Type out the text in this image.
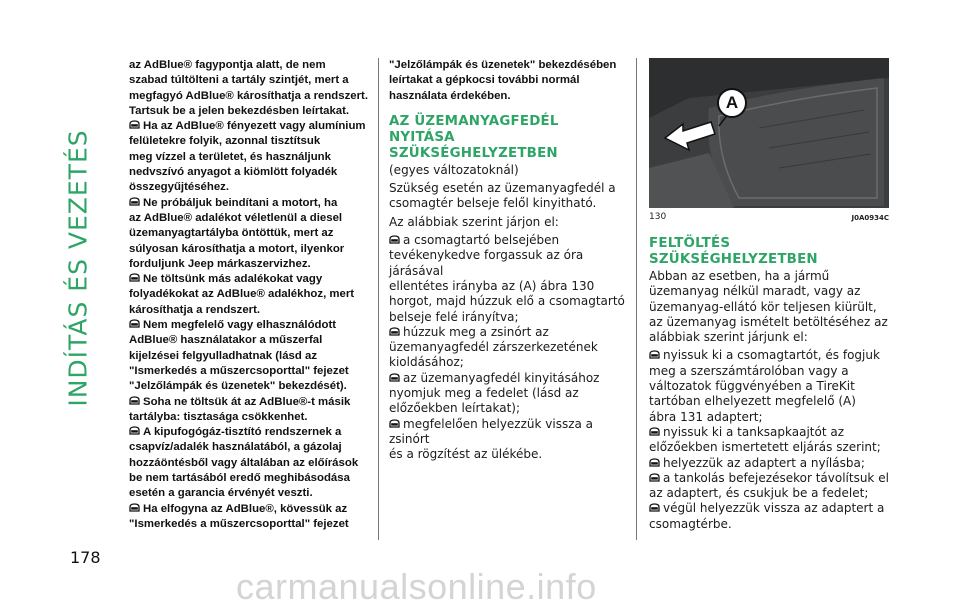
INDÍTÁS ÉS VEZETÉS
178

az AdBlue® fagypontja alatt, de nem

szabad túltölteni a tartály szintjét, mert a

megfagyó AdBlue® károsíthatja a rendszert.

Tartsuk be a jelen bekezdésben leírtakat.

Ha az AdBlue® fényezett vagy alumínium

felületekre folyik, azonnal tisztítsuk

meg vízzel a területet, és használjunk

nedvszívó anyagot a kiömlött folyadék

összegyűjtéséhez.

Ne próbáljuk beindítani a motort, ha

az AdBlue® adalékot véletlenül a diesel

üzemanyagtartályba öntöttük, mert az

súlyosan károsíthatja a motort, ilyenkor

forduljunk Jeep márkaszervizhez.

Ne töltsünk más adalékokat vagy

folyadékokat az AdBlue® adalékhoz, mert

károsíthatja a rendszert.

Nem megfelelő vagy elhasználódott

AdBlue® használatakor a műszerfal

kijelzései felgyulladhatnak (lásd az

"Ismerkedés a műszercsoporttal" fejezet

"Jelzőlámpák és üzenetek" bekezdését).

Soha ne töltsük át az AdBlue®-t másik

tartályba: tisztasága csökkenhet.

A kipufogógáz-tisztító rendszernek a

csapvíz/adalék használatából, a gázolaj

hozzáöntésből vagy általában az előírások

be nem tartásából eredő meghibásodása

esetén a garancia érvényét veszti.

Ha elfogyna az AdBlue®, kövessük az

"Ismerkedés a műszercsoporttal" fejezet

"Jelzőlámpák és üzenetek" bekezdésében

leírtakat a gépkocsi további normál

használata érdekében.

AZ ÜZEMANYAGFEDÉL NYITÁSA
SZÜKSÉGHELYZETBEN

(egyes változatoknál)

Szükség esetén az üzemanyagfedél a

csomagtér belseje felől kinyitható.

Az alábbiak szerint járjon el:

a csomagtartó belsejében

tevékenykedve forgassuk az óra járásával

ellentétes irányba az (A) ábra 130

horgot, majd húzzuk elő a csomagtartó

belseje felé irányítva;

húzzuk meg a zsinórt az

üzemanyagfedél zárszerkezetének

kioldásához;

az üzemanyagfedél kinyitásához

nyomjuk meg a fedelet (lásd az

előzőekben leírtakat);

megfelelően helyezzük vissza a zsinórt

és a rögzítést az ülékébe.

A
130	J0A0934C
FELTÖLTÉS
SZÜKSÉGHELYZETBEN

Abban az esetben, ha a jármű

üzemanyag nélkül maradt, vagy az

üzemanyag-ellátó kör teljesen kiürült,

az üzemanyag ismételt betöltéséhez az

alábbiak szerint járjunk el:

nyissuk ki a csomagtartót, és fogjuk

meg a szerszámtárolóban vagy a

változatok függvényében a TireKit

tartóban elhelyezett megfelelő (A)

ábra 131 adaptert;

nyissuk ki a tanksapkaajtót az

előzőekben ismertetett eljárás szerint;

helyezzük az adaptert a nyílásba;

a tankolás befejezésekor távolítsuk el

az adaptert, és csukjuk be a fedelet;

végül helyezzük vissza az adaptert a

csomagtérbe.

carmanualsonline.info
